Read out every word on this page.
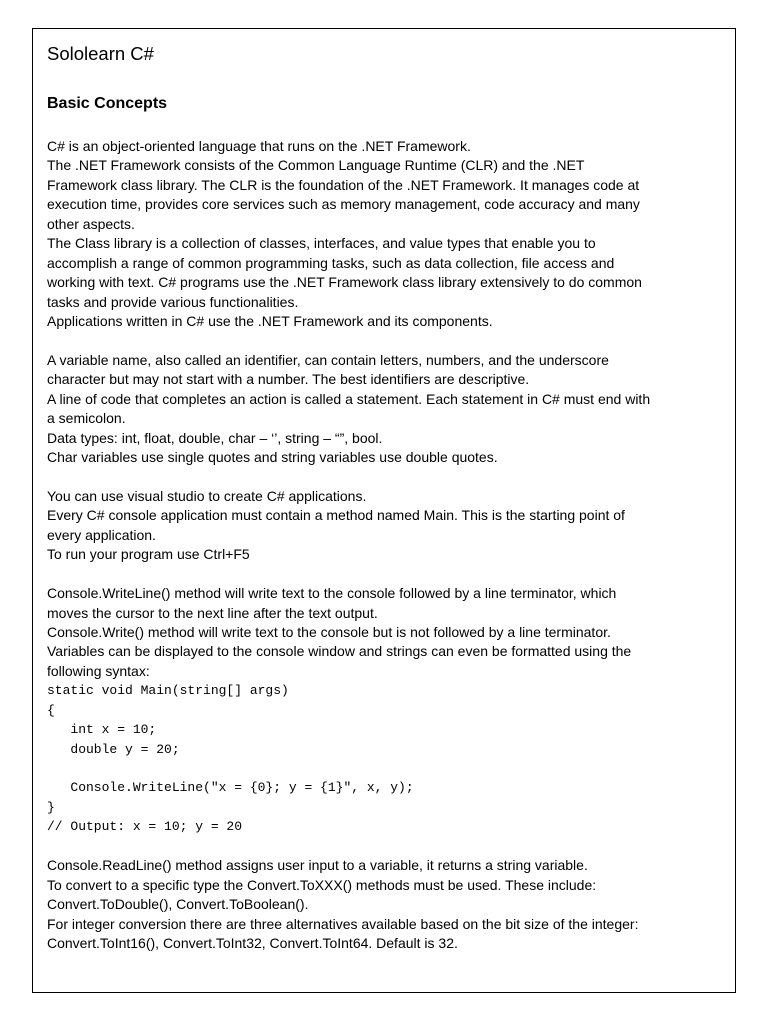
Sololearn C#
Basic Concepts
C# is an object-oriented language that runs on the .NET Framework.
The .NET Framework consists of the Common Language Runtime (CLR) and the .NET
Framework class library. The CLR is the foundation of the .NET Framework. It manages code at
execution time, provides core services such as memory management, code accuracy and many
other aspects.
The Class library is a collection of classes, interfaces, and value types that enable you to
accomplish a range of common programming tasks, such as data collection, file access and
working with text. C# programs use the .NET Framework class library extensively to do common
tasks and provide various functionalities.
Applications written in C# use the .NET Framework and its components.
A variable name, also called an identifier, can contain letters, numbers, and the underscore
character but may not start with a number. The best identifiers are descriptive.
A line of code that completes an action is called a statement. Each statement in C# must end with
a semicolon.
Data types: int, float, double, char – ‘’, string – “”, bool.
Char variables use single quotes and string variables use double quotes.
You can use visual studio to create C# applications.
Every C# console application must contain a method named Main. This is the starting point of
every application.
To run your program use Ctrl+F5
Console.WriteLine() method will write text to the console followed by a line terminator, which
moves the cursor to the next line after the text output.
Console.Write() method will write text to the console but is not followed by a line terminator.
Variables can be displayed to the console window and strings can even be formatted using the
following syntax:
static void Main(string[] args)
{
int x = 10;
double y = 20;
Console.WriteLine("x = {0}; y = {1}", x, y);
}
// Output: x = 10; y = 20
Console.ReadLine() method assigns user input to a variable, it returns a string variable.
To convert to a specific type the Convert.ToXXX() methods must be used. These include:
Convert.ToDouble(), Convert.ToBoolean().
For integer conversion there are three alternatives available based on the bit size of the integer:
Convert.ToInt16(), Convert.ToInt32, Convert.ToInt64. Default is 32.
